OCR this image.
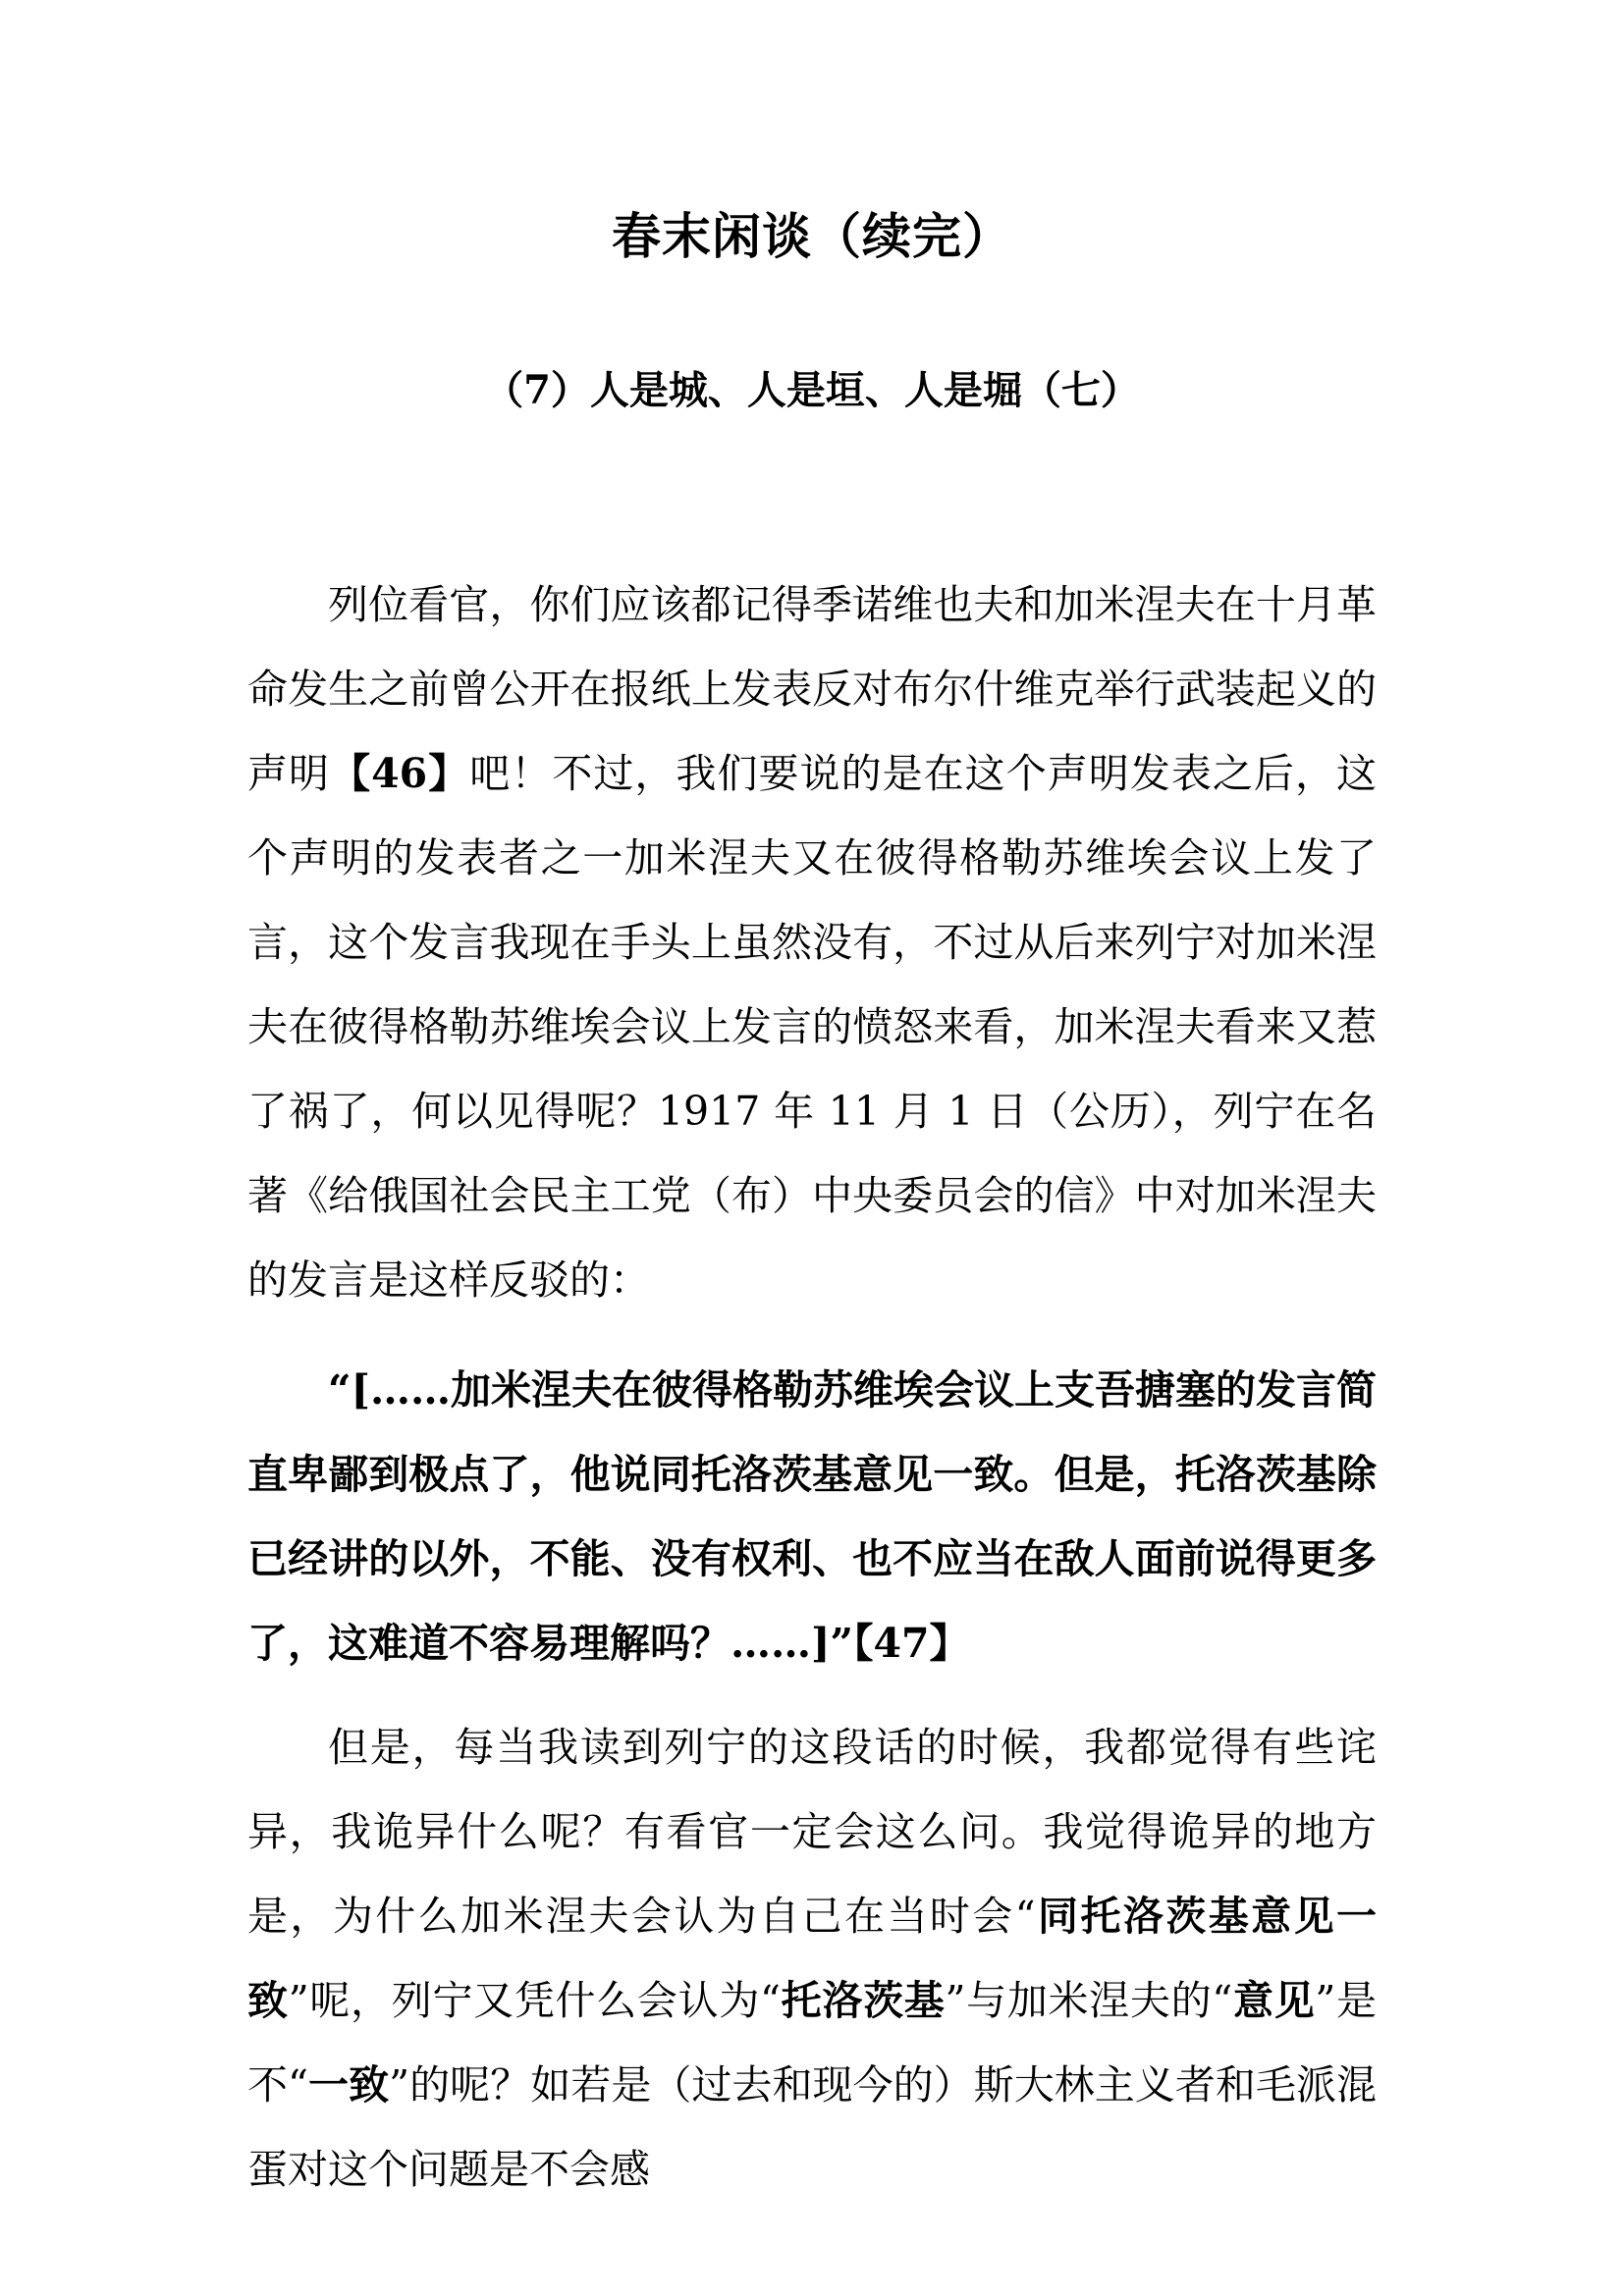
春末闲谈（续完）
（7）人是城、人是垣、人是堀（七）

列位看官，你们应该都记得季诺维也夫和加米涅夫在十月革命发生之前曾公开在报纸上发表反对布尔什维克举行武装起义的声明【46】吧！不过，我们要说的是在这个声明发表之后，这个声明的发表者之一加米涅夫又在彼得格勒苏维埃会议上发了言，这个发言我现在手头上虽然没有，不过从后来列宁对加米涅夫在彼得格勒苏维埃会议上发言的愤怒来看，加米涅夫看来又惹了祸了，何以见得呢？1917 年 11 月 1 日（公历），列宁在名著《给俄国社会民主工党（布）中央委员会的信》中对加米涅夫的发言是这样反驳的：

“[……加米涅夫在彼得格勒苏维埃会议上支吾搪塞的发言简直卑鄙到极点了，他说同托洛茨基意见一致。但是，托洛茨基除已经讲的以外，不能、没有权利、也不应当在敌人面前说得更多了，这难道不容易理解吗？……]”【47】

但是，每当我读到列宁的这段话的时候，我都觉得有些诧异，我诡异什么呢？有看官一定会这么问。我觉得诡异的地方是，为什么加米涅夫会认为自己在当时会“同托洛茨基意见一致”呢，列宁又凭什么会认为“托洛茨基”与加米涅夫的“意见”是不“一致”的呢？如若是（过去和现今的）斯大林主义者和毛派混蛋对这个问题是不会感
